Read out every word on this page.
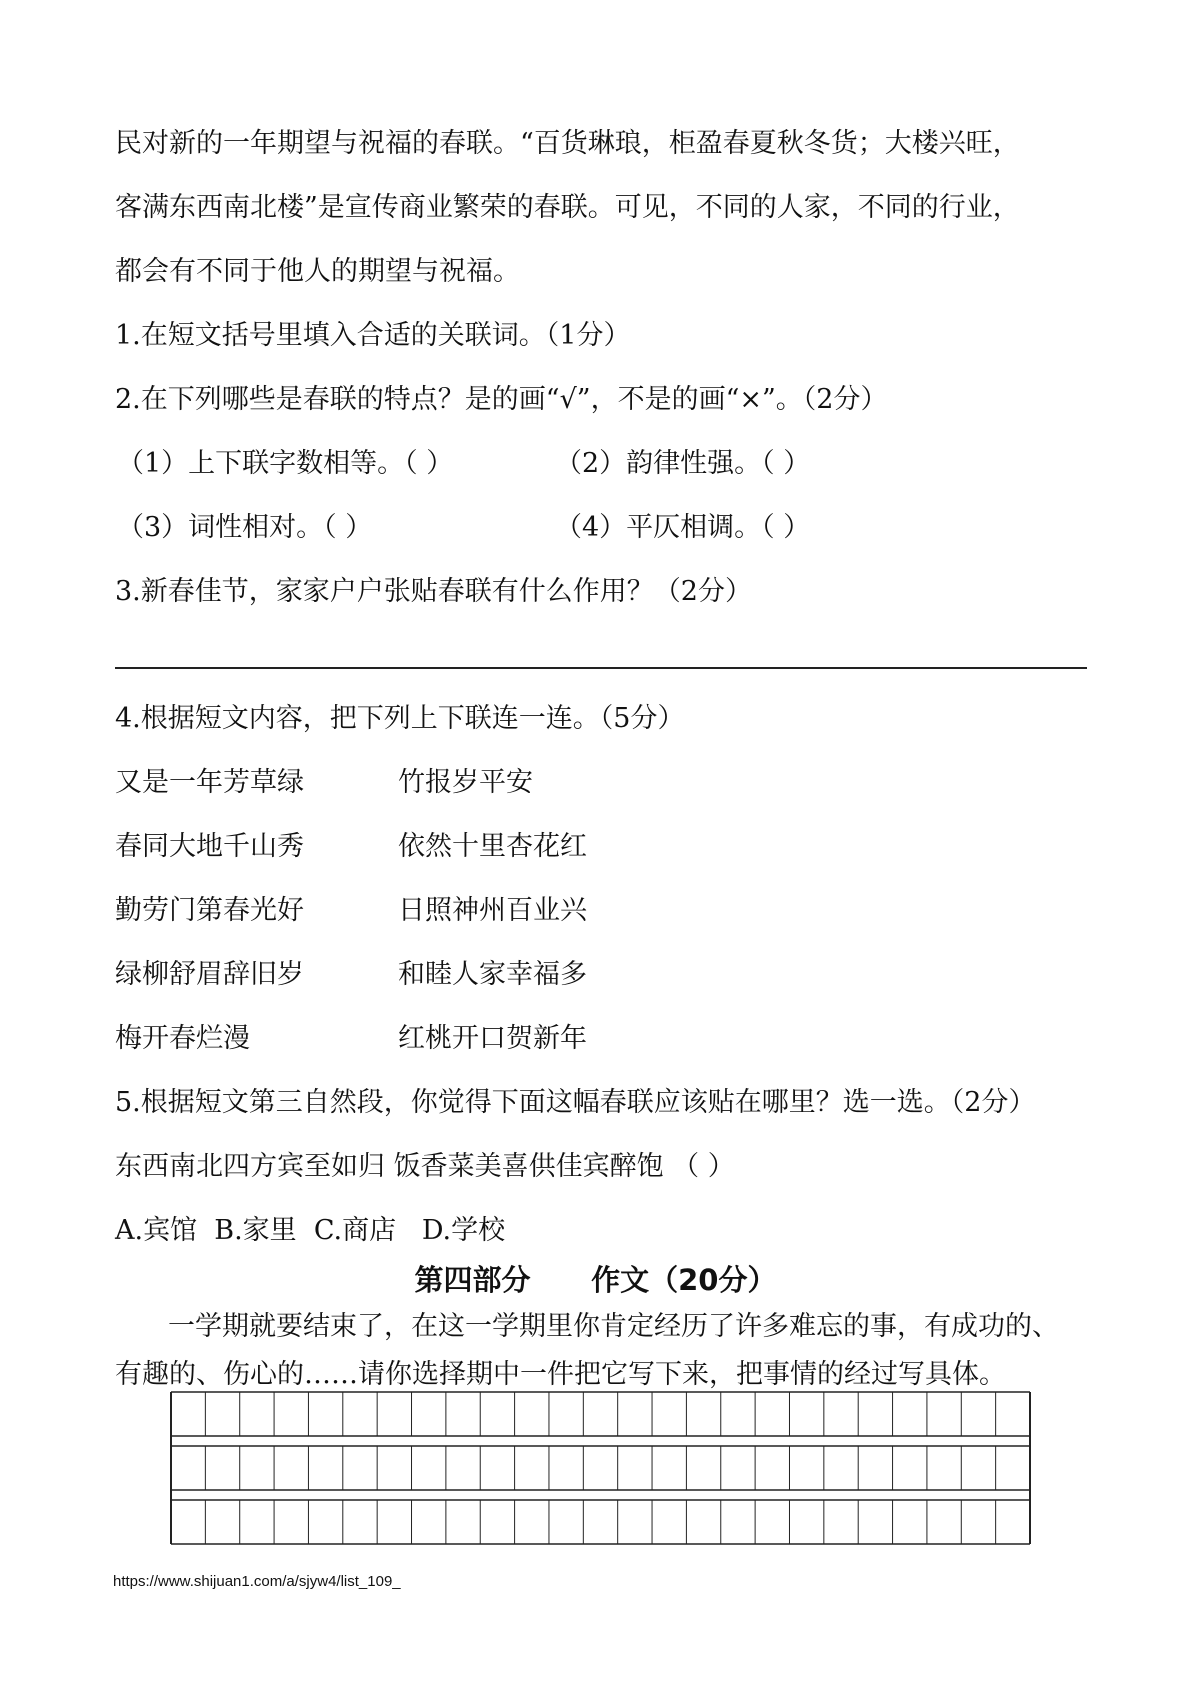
民对新的一年期望与祝福的春联。“百货琳琅，柜盈春夏秋冬货；大楼兴旺，
客满东西南北楼”是宣传商业繁荣的春联。可见，不同的人家，不同的行业，
都会有不同于他人的期望与祝福。
1.在短文括号里填入合适的关联词。（1分）
2.在下列哪些是春联的特点？是的画“√”，不是的画“×”。（2分）
（1）上下联字数相等。（ ）	（2）韵律性强。（ ）
（3）词性相对。（ ）	（4）平仄相调。（ ）
3.新春佳节，家家户户张贴春联有什么作用？（2分）
4.根据短文内容，把下列上下联连一连。（5分）
又是一年芳草绿	竹报岁平安
春同大地千山秀	依然十里杏花红
勤劳门第春光好	日照神州百业兴
绿柳舒眉辞旧岁	和睦人家幸福多
梅开春烂漫	红桃开口贺新年
5.根据短文第三自然段，你觉得下面这幅春联应该贴在哪里？选一选。（2分）
东西南北四方宾至如归 饭香菜美喜供佳宾醉饱 （ ）
A.宾馆  B.家里  C.商店   D.学校
第四部分      作文（20分）
一学期就要结束了，在这一学期里你肯定经历了许多难忘的事，有成功的、
有趣的、伤心的……请你选择期中一件把它写下来，把事情的经过写具体。
https://www.shijuan1.com/a/sjyw4/list_109_
